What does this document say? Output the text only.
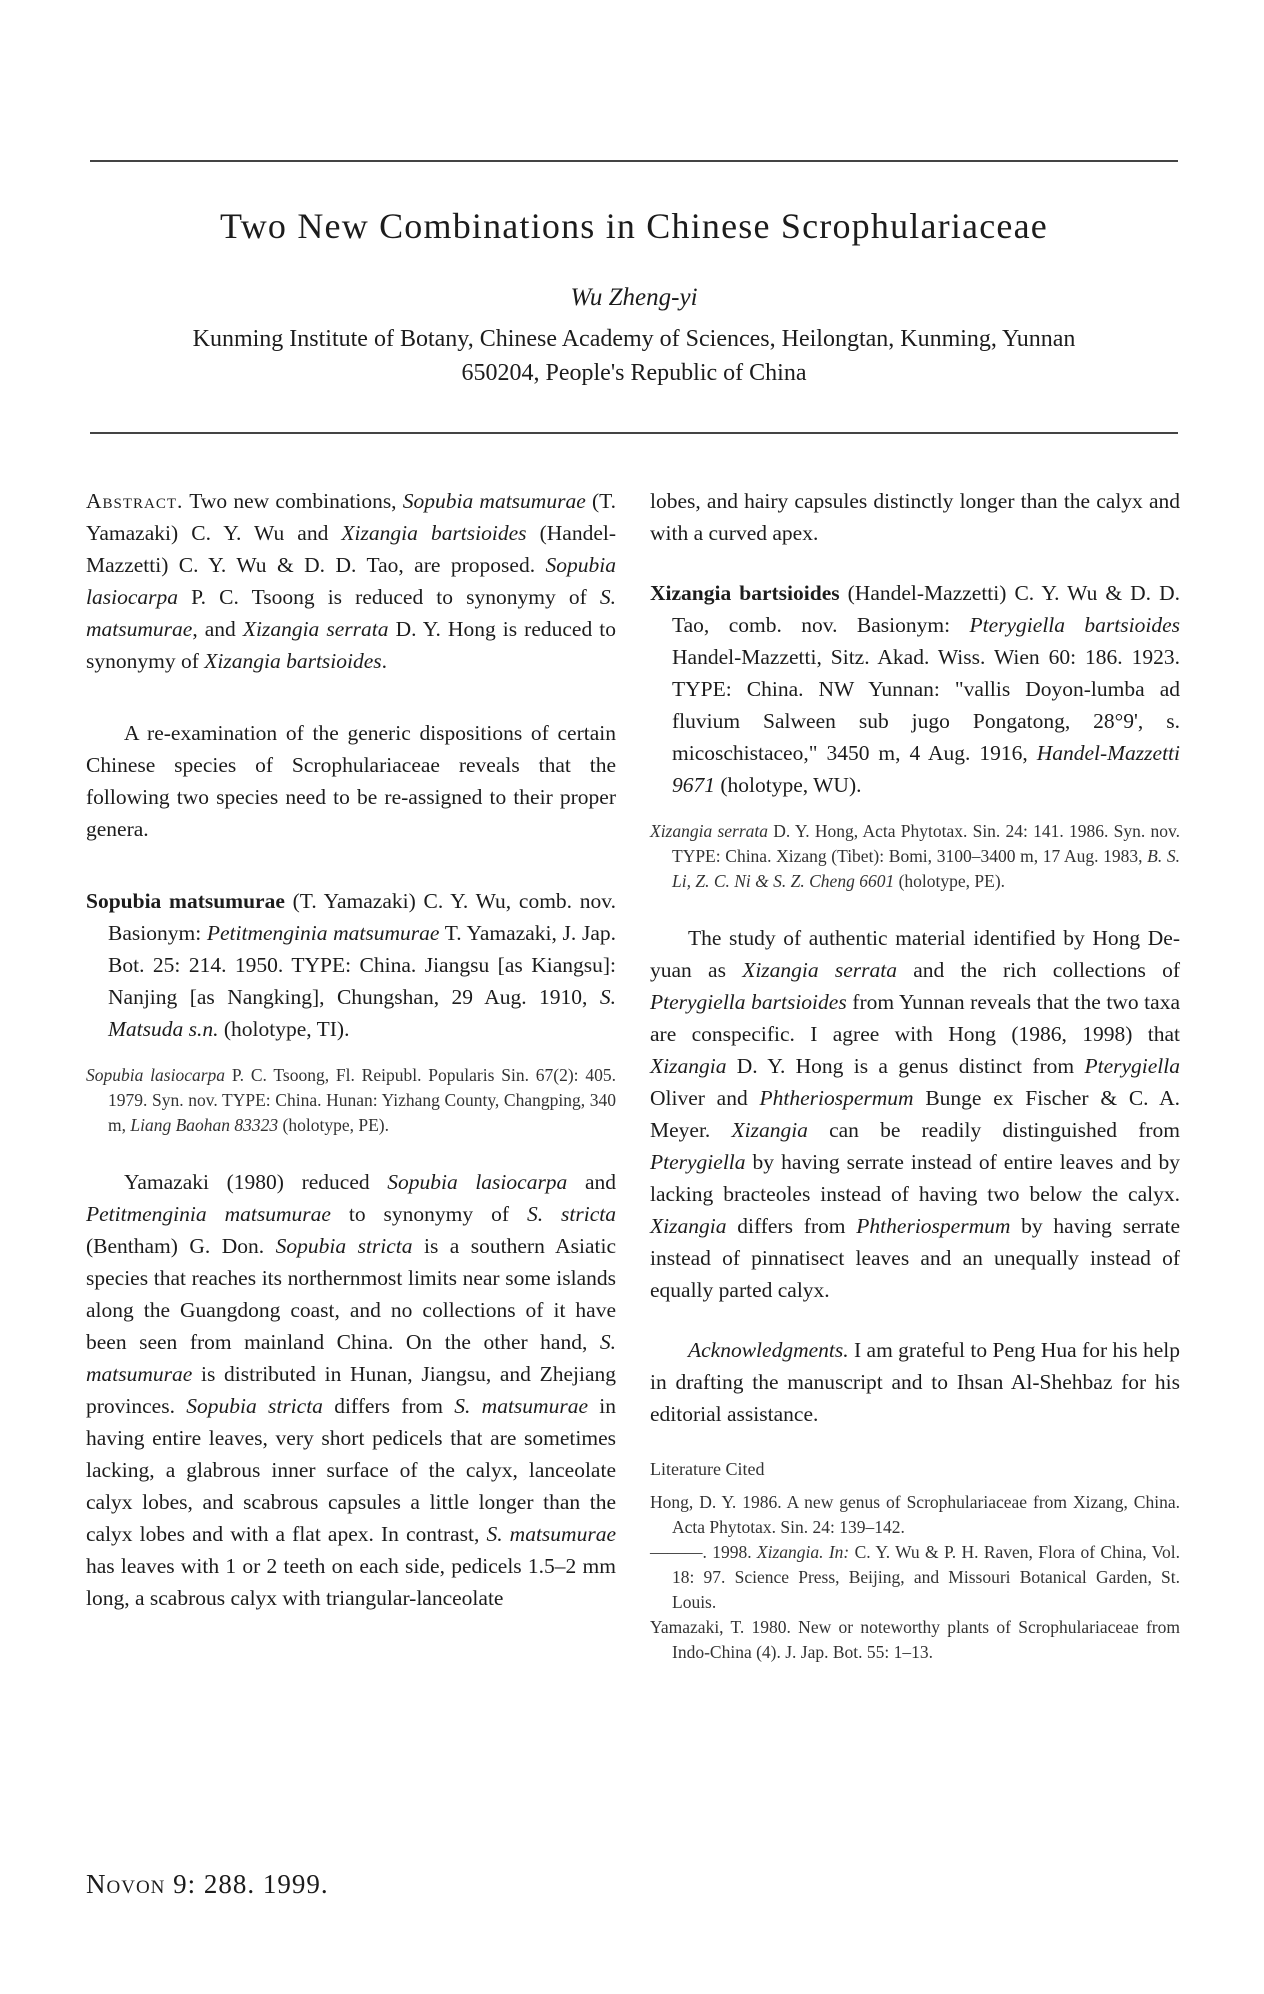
Two New Combinations in Chinese Scrophulariaceae

Wu Zheng-yi

Kunming Institute of Botany, Chinese Academy of Sciences, Heilongtan, Kunming, Yunnan
650204, People's Republic of China

Abstract. Two new combinations, Sopubia matsumurae (T. Yamazaki) C. Y. Wu and Xizangia bartsioides (Handel-Mazzetti) C. Y. Wu & D. D. Tao, are proposed. Sopubia lasiocarpa P. C. Tsoong is reduced to synonymy of S. matsumurae, and Xizangia serrata D. Y. Hong is reduced to synonymy of Xizangia bartsioides.

A re-examination of the generic dispositions of certain Chinese species of Scrophulariaceae reveals that the following two species need to be re-assigned to their proper genera.

Sopubia matsumurae (T. Yamazaki) C. Y. Wu, comb. nov. Basionym: Petitmenginia matsumurae T. Yamazaki, J. Jap. Bot. 25: 214. 1950. TYPE: China. Jiangsu [as Kiangsu]: Nanjing [as Nangking], Chungshan, 29 Aug. 1910, S. Matsuda s.n. (holotype, TI).

Sopubia lasiocarpa P. C. Tsoong, Fl. Reipubl. Popularis Sin. 67(2): 405. 1979. Syn. nov. TYPE: China. Hunan: Yizhang County, Changping, 340 m, Liang Baohan 83323 (holotype, PE).

Yamazaki (1980) reduced Sopubia lasiocarpa and Petitmenginia matsumurae to synonymy of S. stricta (Bentham) G. Don. Sopubia stricta is a southern Asiatic species that reaches its northernmost limits near some islands along the Guangdong coast, and no collections of it have been seen from mainland China. On the other hand, S. matsumurae is distributed in Hunan, Jiangsu, and Zhejiang provinces. Sopubia stricta differs from S. matsumurae in having entire leaves, very short pedicels that are sometimes lacking, a glabrous inner surface of the calyx, lanceolate calyx lobes, and scabrous capsules a little longer than the calyx lobes and with a flat apex. In contrast, S. matsumurae has leaves with 1 or 2 teeth on each side, pedicels 1.5–2 mm long, a scabrous calyx with triangular-lanceolate

lobes, and hairy capsules distinctly longer than the calyx and with a curved apex.

Xizangia bartsioides (Handel-Mazzetti) C. Y. Wu & D. D. Tao, comb. nov. Basionym: Pterygiella bartsioides Handel-Mazzetti, Sitz. Akad. Wiss. Wien 60: 186. 1923. TYPE: China. NW Yunnan: "vallis Doyon-lumba ad fluvium Salween sub jugo Pongatong, 28°9', s. micoschistaceo," 3450 m, 4 Aug. 1916, Handel-Mazzetti 9671 (holotype, WU).

Xizangia serrata D. Y. Hong, Acta Phytotax. Sin. 24: 141. 1986. Syn. nov. TYPE: China. Xizang (Tibet): Bomi, 3100–3400 m, 17 Aug. 1983, B. S. Li, Z. C. Ni & S. Z. Cheng 6601 (holotype, PE).

The study of authentic material identified by Hong De-yuan as Xizangia serrata and the rich collections of Pterygiella bartsioides from Yunnan reveals that the two taxa are conspecific. I agree with Hong (1986, 1998) that Xizangia D. Y. Hong is a genus distinct from Pterygiella Oliver and Phtheriospermum Bunge ex Fischer & C. A. Meyer. Xizangia can be readily distinguished from Pterygiella by having serrate instead of entire leaves and by lacking bracteoles instead of having two below the calyx. Xizangia differs from Phtheriospermum by having serrate instead of pinnatisect leaves and an unequally instead of equally parted calyx.

Acknowledgments. I am grateful to Peng Hua for his help in drafting the manuscript and to Ihsan Al-Shehbaz for his editorial assistance.

Literature Cited

Hong, D. Y. 1986. A new genus of Scrophulariaceae from Xizang, China. Acta Phytotax. Sin. 24: 139–142.

———. 1998. Xizangia. In: C. Y. Wu & P. H. Raven, Flora of China, Vol. 18: 97. Science Press, Beijing, and Missouri Botanical Garden, St. Louis.

Yamazaki, T. 1980. New or noteworthy plants of Scrophulariaceae from Indo-China (4). J. Jap. Bot. 55: 1–13.

Novon 9: 288. 1999.
